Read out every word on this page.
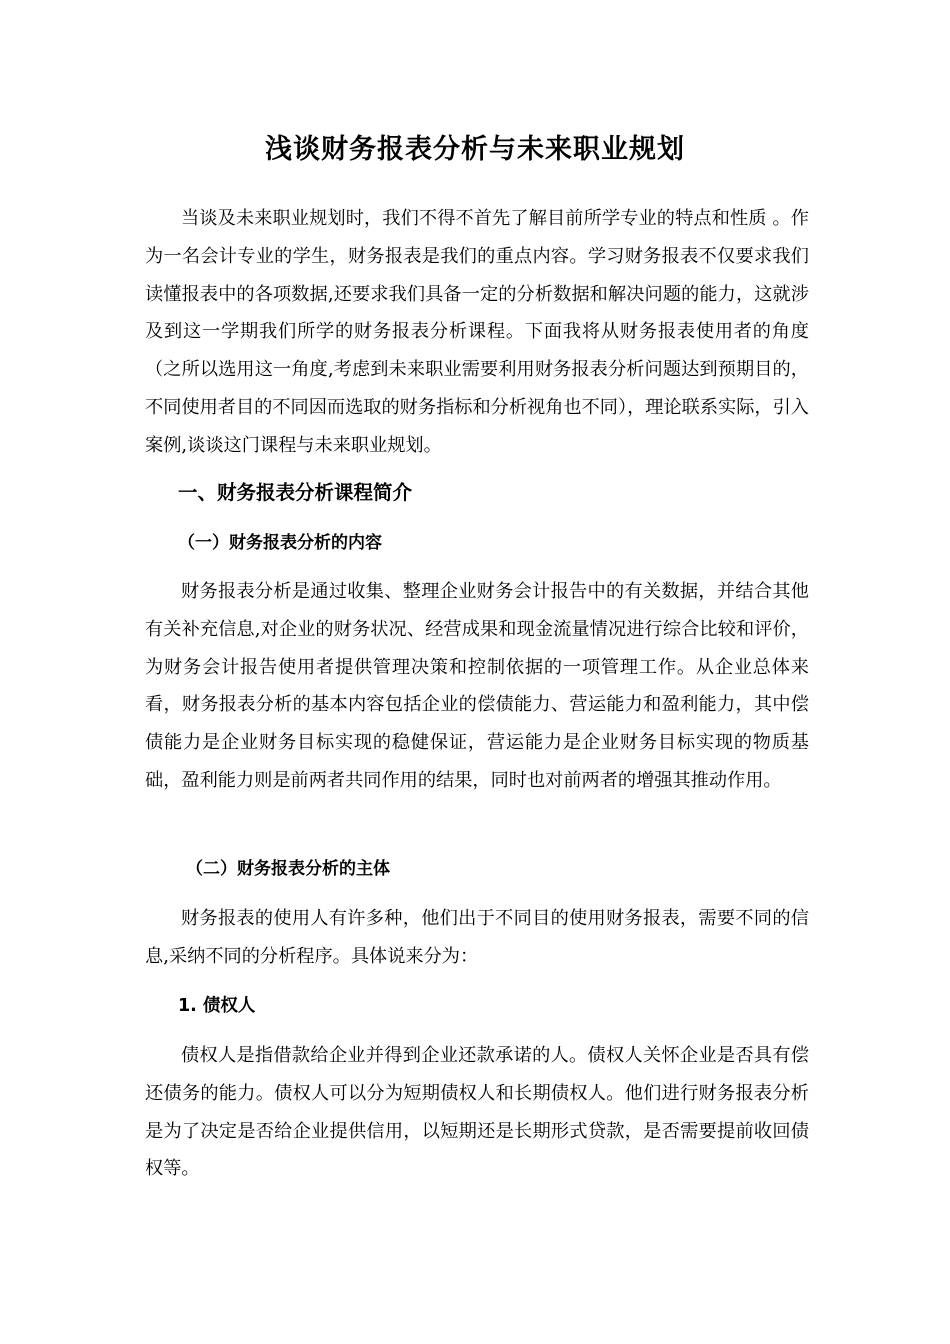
浅谈财务报表分析与未来职业规划

当谈及未来职业规划时，我们不得不首先了解目前所学专业的特点和性质 。作为一名会计专业的学生，财务报表是我们的重点内容。学习财务报表不仅要求我们读懂报表中的各项数据,还要求我们具备一定的分析数据和解决问题的能力，这就涉及到这一学期我们所学的财务报表分析课程。下面我将从财务报表使用者的角度（之所以选用这一角度,考虑到未来职业需要利用财务报表分析问题达到预期目的，不同使用者目的不同因而选取的财务指标和分析视角也不同），理论联系实际，引入案例,谈谈这门课程与未来职业规划。

一、财务报表分析课程简介
（一）财务报表分析的内容

财务报表分析是通过收集、整理企业财务会计报告中的有关数据，并结合其他有关补充信息,对企业的财务状况、经营成果和现金流量情况进行综合比较和评价，为财务会计报告使用者提供管理决策和控制依据的一项管理工作。从企业总体来看，财务报表分析的基本内容包括企业的偿债能力、营运能力和盈利能力，其中偿债能力是企业财务目标实现的稳健保证，营运能力是企业财务目标实现的物质基础，盈利能力则是前两者共同作用的结果，同时也对前两者的增强其推动作用。

（二）财务报表分析的主体

财务报表的使用人有许多种，他们出于不同目的使用财务报表，需要不同的信息,采纳不同的分析程序。具体说来分为：

1. 债权人

债权人是指借款给企业并得到企业还款承诺的人。债权人关怀企业是否具有偿还债务的能力。债权人可以分为短期债权人和长期债权人。他们进行财务报表分析是为了决定是否给企业提供信用，以短期还是长期形式贷款，是否需要提前收回债权等。
